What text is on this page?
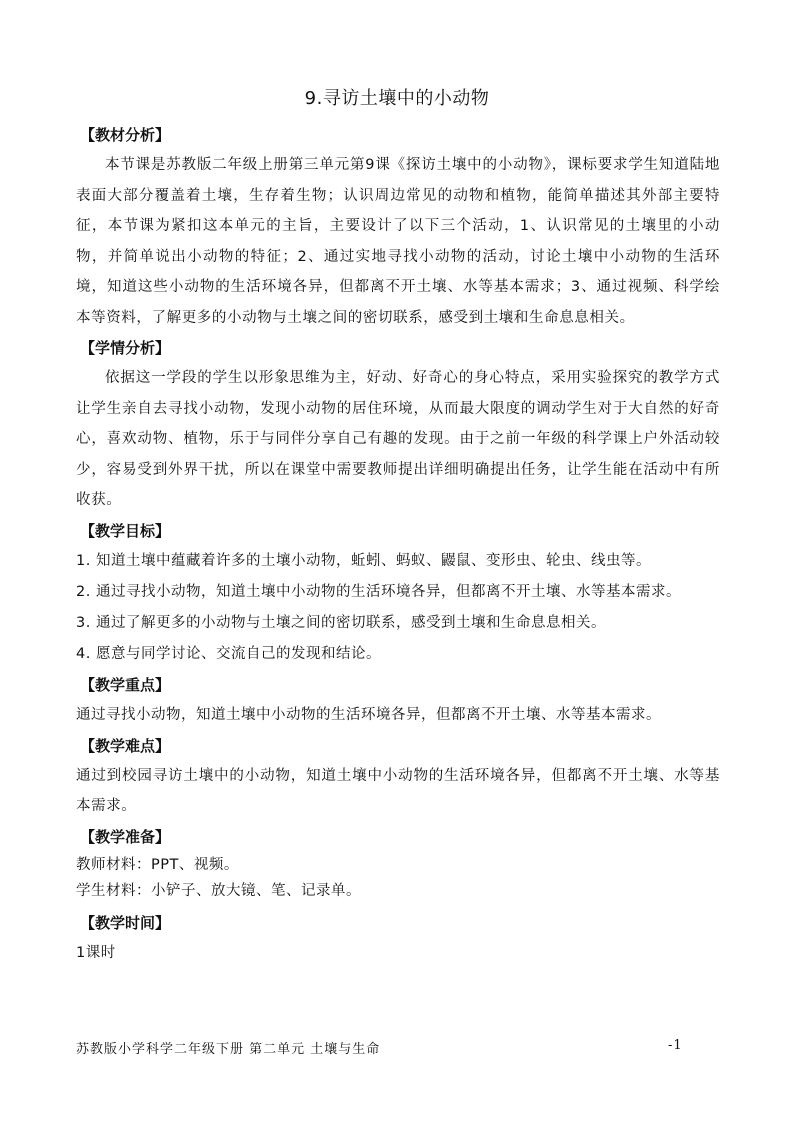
9.寻访土壤中的小动物
【教材分析】

本节课是苏教版二年级上册第三单元第9课《探访土壤中的小动物》，课标要求学生知道陆地表面大部分覆盖着土壤，生存着生物；认识周边常见的动物和植物，能简单描述其外部主要特征，本节课为紧扣这本单元的主旨，主要设计了以下三个活动，1、认识常见的土壤里的小动物，并简单说出小动物的特征；2、通过实地寻找小动物的活动，讨论土壤中小动物的生活环境，知道这些小动物的生活环境各异，但都离不开土壤、水等基本需求；3、通过视频、科学绘本等资料，了解更多的小动物与土壤之间的密切联系，感受到土壤和生命息息相关。

【学情分析】

依据这一学段的学生以形象思维为主，好动、好奇心的身心特点，采用实验探究的教学方式让学生亲自去寻找小动物，发现小动物的居住环境，从而最大限度的调动学生对于大自然的好奇心，喜欢动物、植物，乐于与同伴分享自己有趣的发现。由于之前一年级的科学课上户外活动较少，容易受到外界干扰，所以在课堂中需要教师提出详细明确提出任务，让学生能在活动中有所收获。

【教学目标】

1. 知道土壤中蕴藏着许多的土壤小动物，蚯蚓、蚂蚁、鼹鼠、变形虫、轮虫、线虫等。

2. 通过寻找小动物，知道土壤中小动物的生活环境各异，但都离不开土壤、水等基本需求。

3. 通过了解更多的小动物与土壤之间的密切联系，感受到土壤和生命息息相关。

4. 愿意与同学讨论、交流自己的发现和结论。

【教学重点】

通过寻找小动物，知道土壤中小动物的生活环境各异，但都离不开土壤、水等基本需求。

【教学难点】

通过到校园寻访土壤中的小动物，知道土壤中小动物的生活环境各异，但都离不开土壤、水等基本需求。

【教学准备】

教师材料：PPT、视频。

学生材料：小铲子、放大镜、笔、记录单。

【教学时间】

1课时

苏教版小学科学二年级下册 第二单元 土壤与生命	-1
